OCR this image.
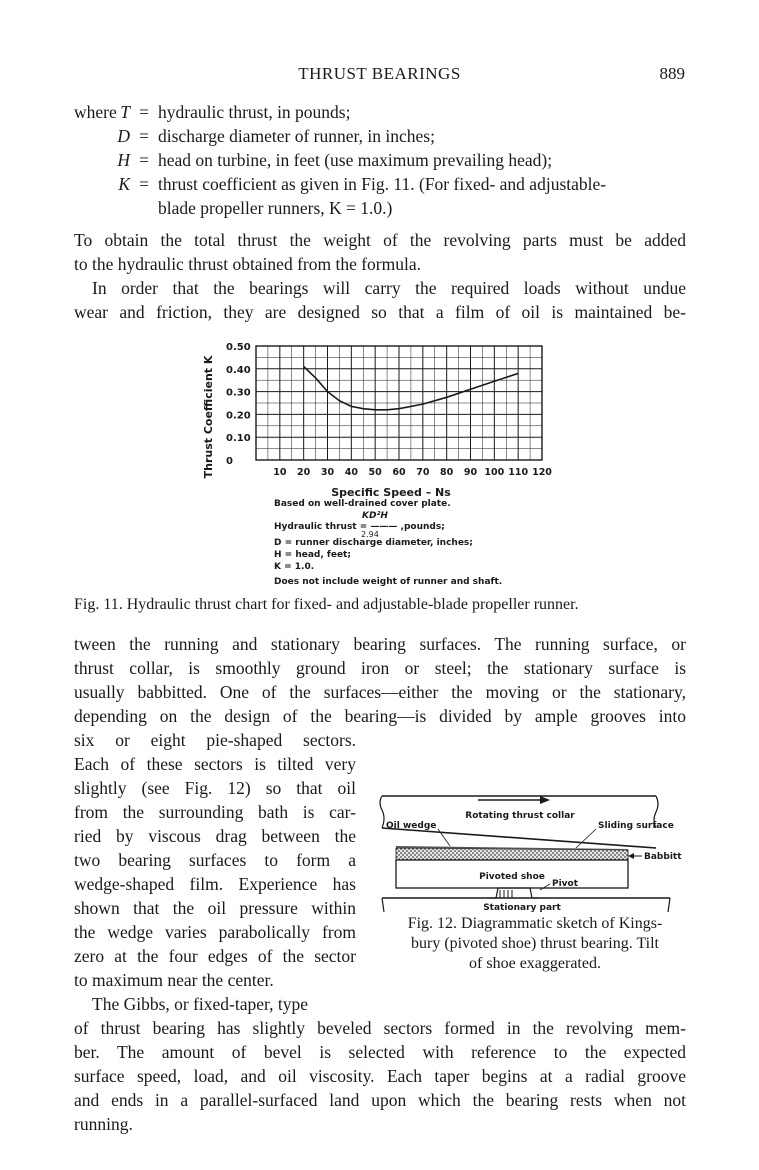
THRUST BEARINGS	889
where T = hydraulic thrust, in pounds;
D = discharge diameter of runner, in inches;
H = head on turbine, in feet (use maximum prevailing head);
K = thrust coefficient as given in Fig. 11. (For fixed- and adjustable-
blade propeller runners, K = 1.0.)
To obtain the total thrust the weight of the revolving parts must be added
to the hydraulic thrust obtained from the formula.
In order that the bearings will carry the required loads without undue
wear and friction, they are designed so that a film of oil is maintained be-
0
0.10
0.20
0.30
0.40
0.50
10 20 30 40 50 60 70 80 90 100 110 120
Thrust Coefficient K
Specific Speed – Ns
Based on well-drained cover plate.
KD²H
Hydraulic thrust = ——— ,pounds;
2.94
D = runner discharge diameter, inches;
H = head, feet;
K = 1.0.
Does not include weight of runner and shaft.
Fig. 11. Hydraulic thrust chart for fixed- and adjustable-blade propeller runner.
tween the running and stationary bearing surfaces. The running surface, or
thrust collar, is smoothly ground iron or steel; the stationary surface is
usually babbitted. One of the surfaces—either the moving or the stationary,
depending on the design of the bearing—is divided by ample grooves into
six or eight pie-shaped sectors.
Each of these sectors is tilted very
slightly (see Fig. 12) so that oil
from the surrounding bath is car-
ried by viscous drag between the
two bearing surfaces to form a
wedge-shaped film. Experience has
shown that the oil pressure within
the wedge varies parabolically from
zero at the four edges of the sector
to maximum near the center.
The Gibbs, or fixed-taper, type
Rotating thrust collar
Oil wedge	Sliding surface
Babbitt
Pivoted shoe
Pivot
Stationary part
Fig. 12. Diagrammatic sketch of Kings-
bury (pivoted shoe) thrust bearing. Tilt
of shoe exaggerated.
of thrust bearing has slightly beveled sectors formed in the revolving mem-
ber. The amount of bevel is selected with reference to the expected
surface speed, load, and oil viscosity. Each taper begins at a radial groove
and ends in a parallel-surfaced land upon which the bearing rests when not
running.
